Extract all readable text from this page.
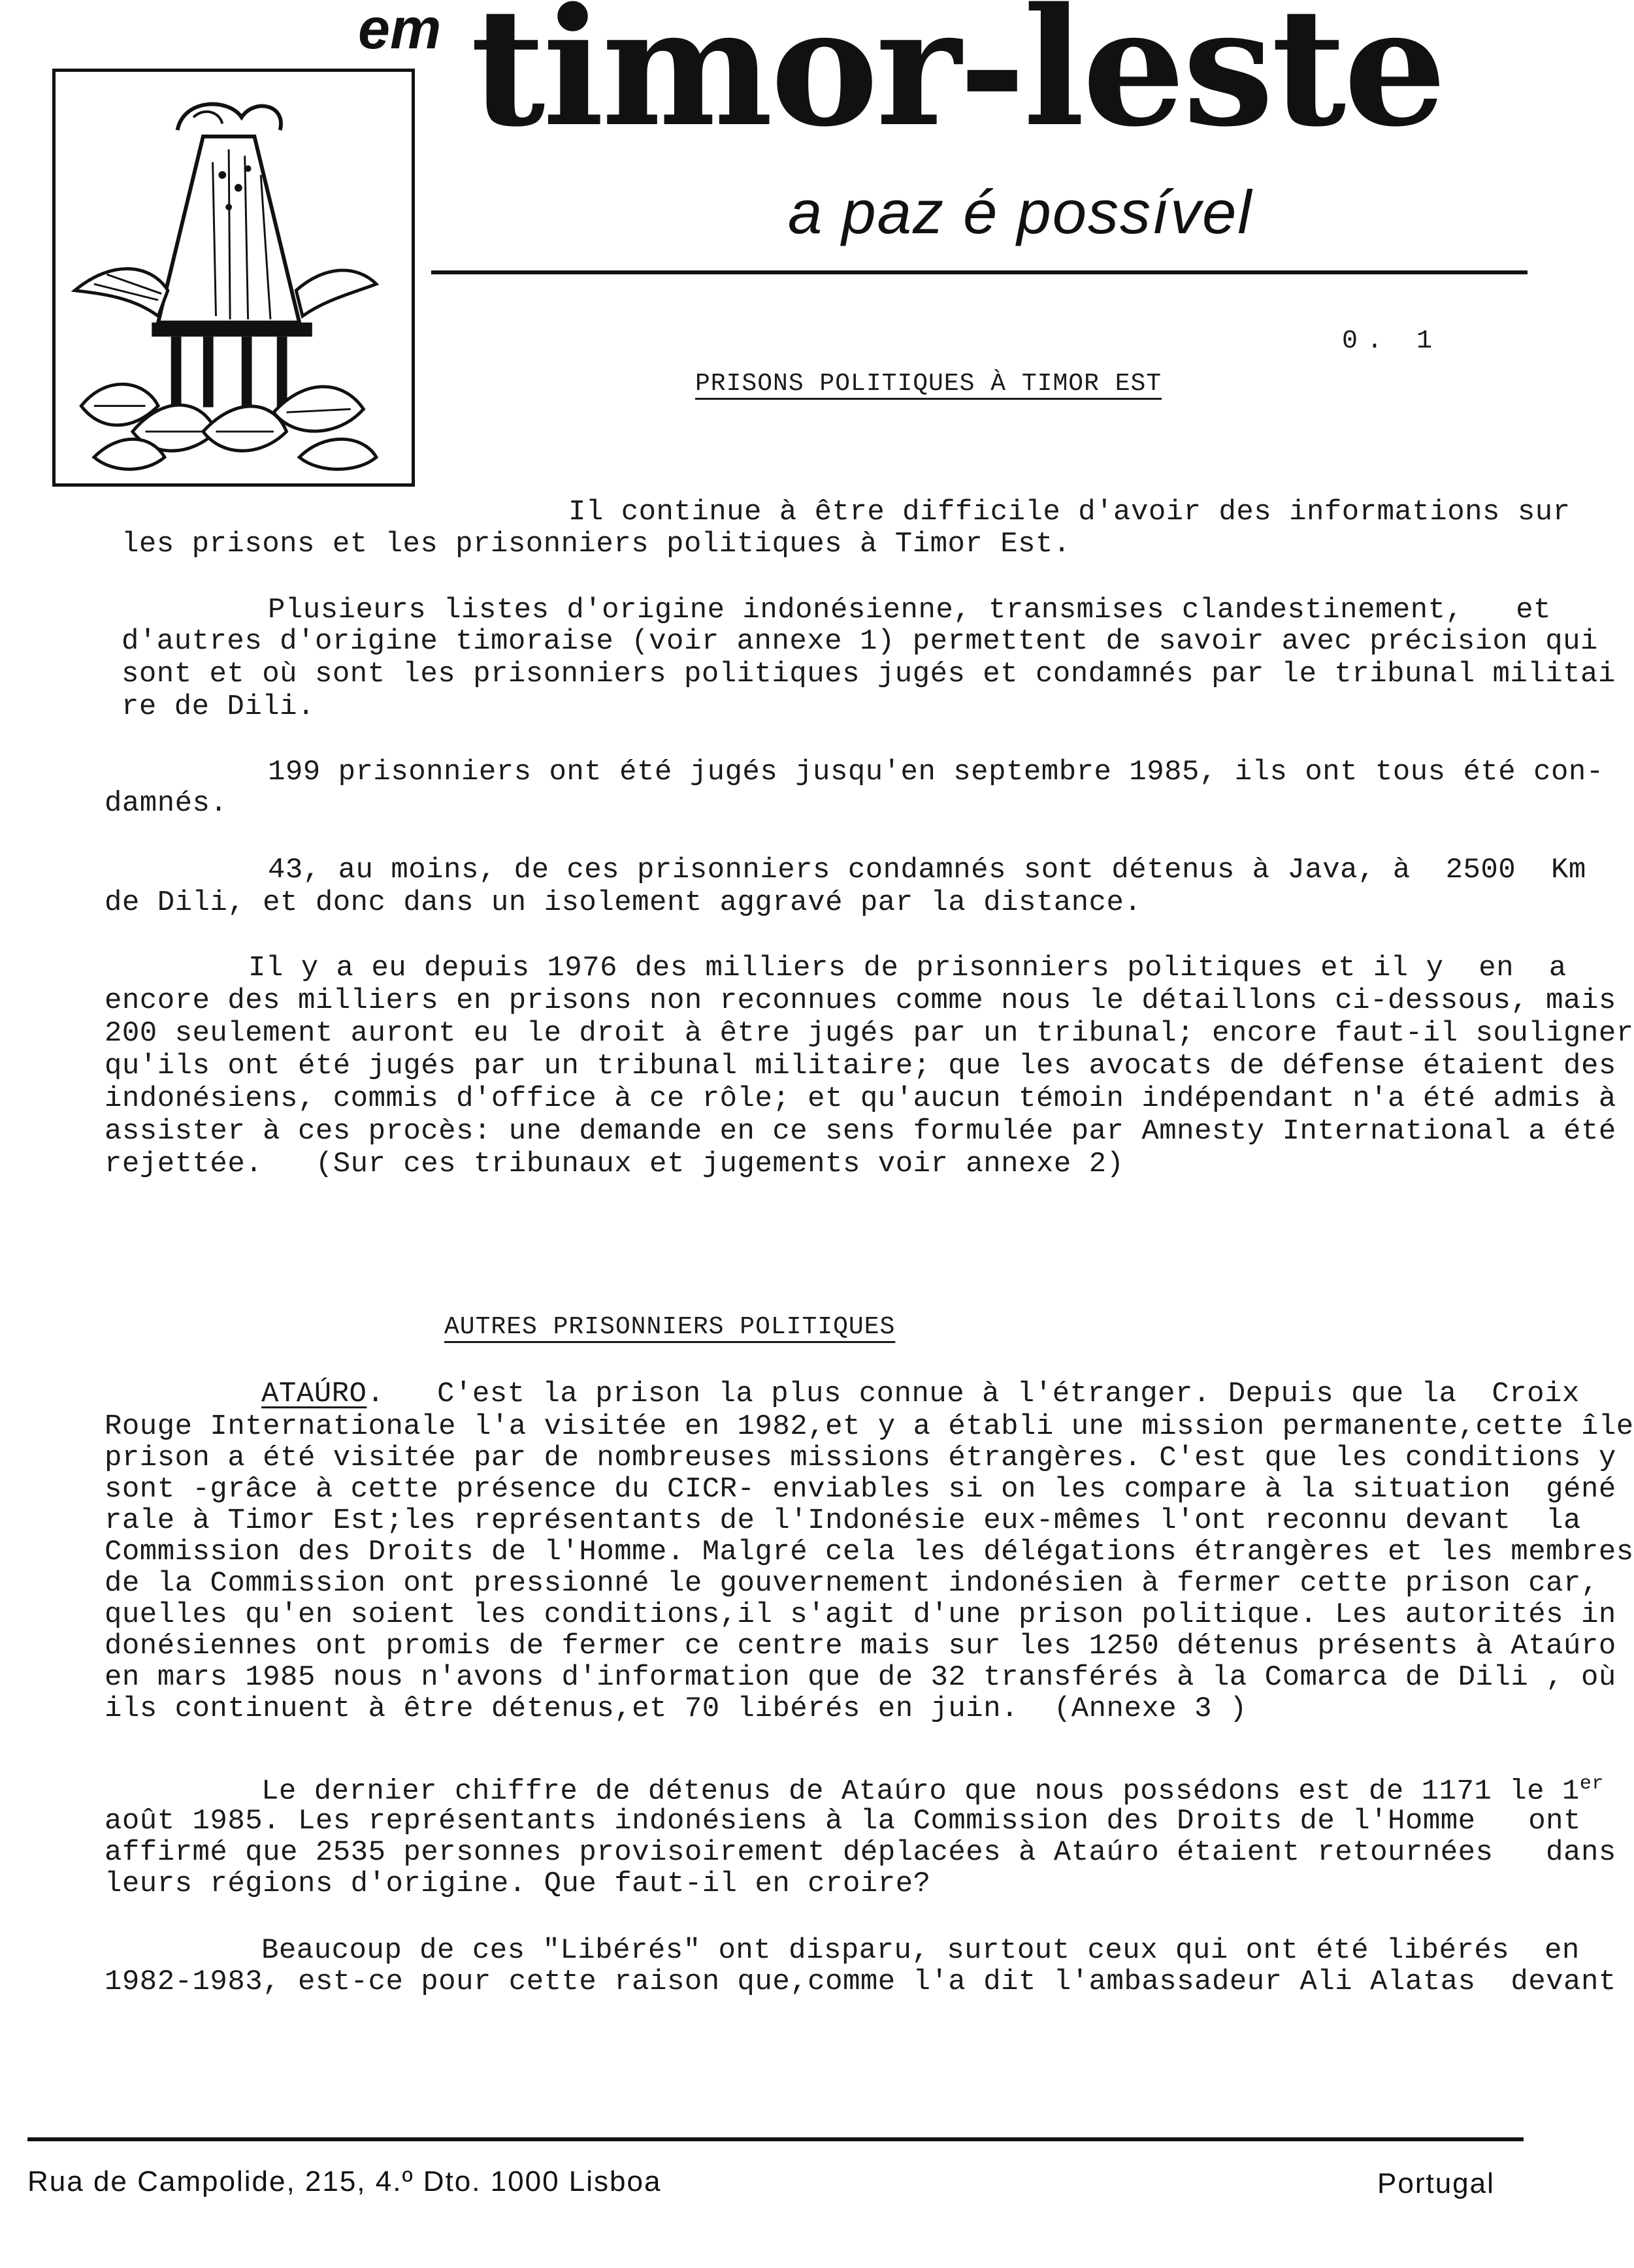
em timor-leste
a paz é possível
0. 1
PRISONS POLITIQUES À TIMOR EST
Il continue à être difficile d'avoir des informations sur
les prisons et les prisonniers politiques à Timor Est.
Plusieurs listes d'origine indonésienne, transmises clandestinement,   et
d'autres d'origine timoraise (voir annexe 1) permettent de savoir avec précision qui
sont et où sont les prisonniers politiques jugés et condamnés par le tribunal militai
re de Dili.
199 prisonniers ont été jugés jusqu'en septembre 1985, ils ont tous été con-
damnés.
43, au moins, de ces prisonniers condamnés sont détenus à Java, à  2500  Km
de Dili, et donc dans un isolement aggravé par la distance.
Il y a eu depuis 1976 des milliers de prisonniers politiques et il y  en  a
encore des milliers en prisons non reconnues comme nous le détaillons ci-dessous, mais
200 seulement auront eu le droit à être jugés par un tribunal; encore faut-il souligner
qu'ils ont été jugés par un tribunal militaire; que les avocats de défense étaient des
indonésiens, commis d'office à ce rôle; et qu'aucun témoin indépendant n'a été admis à
assister à ces procès: une demande en ce sens formulée par Amnesty International a été
rejettée.   (Sur ces tribunaux et jugements voir annexe 2)
AUTRES PRISONNIERS POLITIQUES
ATAÚRO.   C'est la prison la plus connue à l'étranger. Depuis que la  Croix
Rouge Internationale l'a visitée en 1982,et y a établi une mission permanente,cette île
prison a été visitée par de nombreuses missions étrangères. C'est que les conditions y
sont -grâce à cette présence du CICR- enviables si on les compare à la situation  géné
rale à Timor Est;les représentants de l'Indonésie eux-mêmes l'ont reconnu devant  la
Commission des Droits de l'Homme. Malgré cela les délégations étrangères et les membres
de la Commission ont pressionné le gouvernement indonésien à fermer cette prison car,
quelles qu'en soient les conditions,il s'agit d'une prison politique. Les autorités in
donésiennes ont promis de fermer ce centre mais sur les 1250 détenus présents à Ataúro
en mars 1985 nous n'avons d'information que de 32 transférés à la Comarca de Dili , où
ils continuent à être détenus,et 70 libérés en juin.  (Annexe 3 )
Le dernier chiffre de détenus de Ataúro que nous possédons est de 1171 le 1er
août 1985. Les représentants indonésiens à la Commission des Droits de l'Homme   ont
affirmé que 2535 personnes provisoirement déplacées à Ataúro étaient retournées   dans
leurs régions d'origine. Que faut-il en croire?
Beaucoup de ces "Libérés" ont disparu, surtout ceux qui ont été libérés  en
1982-1983, est-ce pour cette raison que,comme l'a dit l'ambassadeur Ali Alatas  devant
Rua de Campolide, 215, 4.º Dto. 1000 Lisboa	Portugal
